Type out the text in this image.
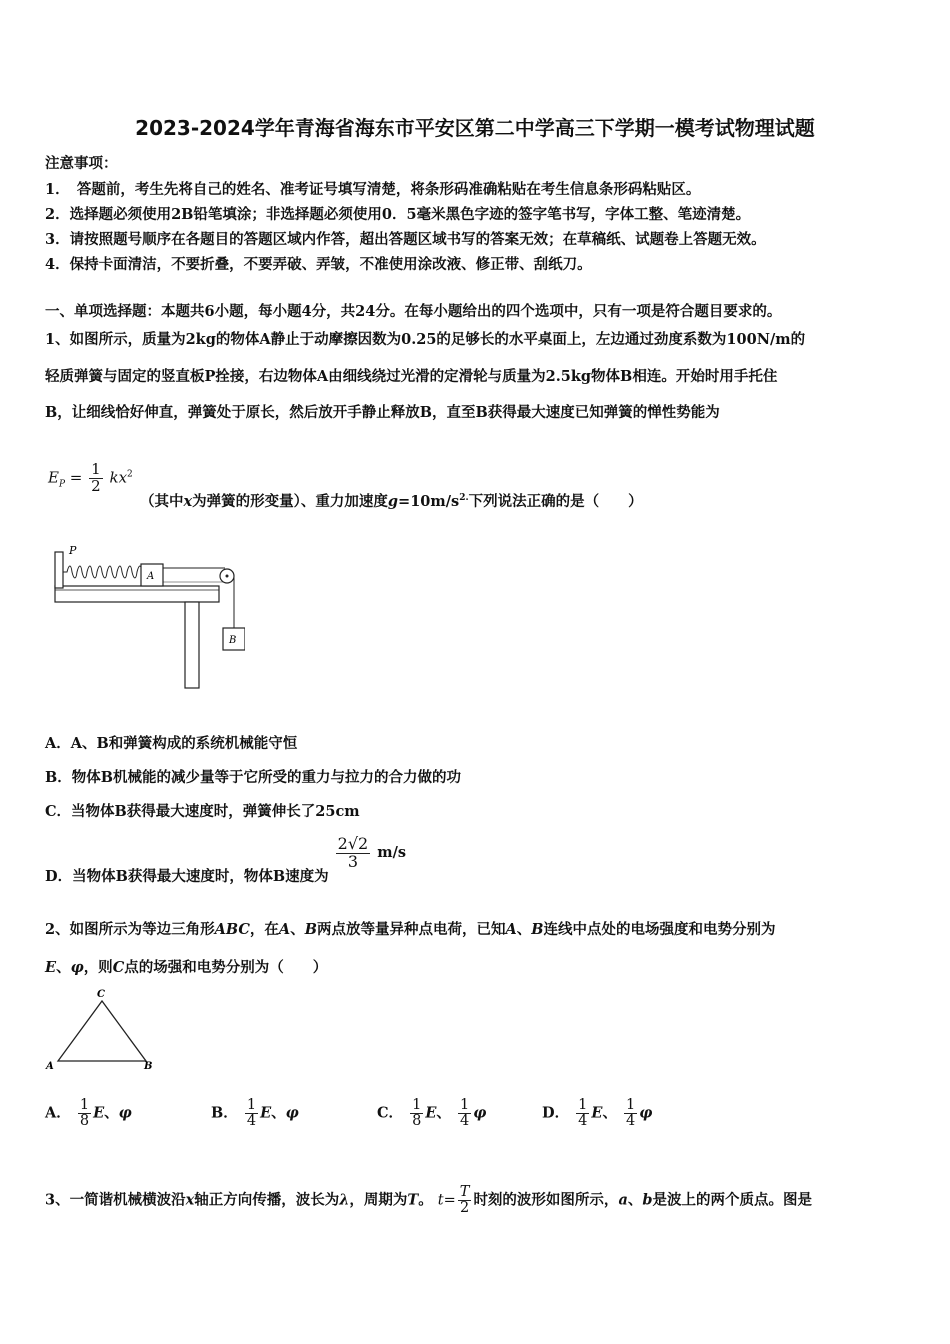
2023-2024学年青海省海东市平安区第二中学高三下学期一模考试物理试题
注意事项：
1．　答题前，考生先将自己的姓名、准考证号填写清楚，将条形码准确粘贴在考生信息条形码粘贴区。
2．选择题必须使用2B铅笔填涂；非选择题必须使用0．5毫米黑色字迹的签字笔书写，字体工整、笔迹清楚。
3．请按照题号顺序在各题目的答题区域内作答，超出答题区域书写的答案无效；在草稿纸、试题卷上答题无效。
4．保持卡面清洁，不要折叠，不要弄破、弄皱，不准使用涂改液、修正带、刮纸刀。
一、单项选择题：本题共6小题，每小题4分，共24分。在每小题给出的四个选项中，只有一项是符合题目要求的。
1、如图所示，质量为2kg的物体A静止于动摩擦因数为0.25的足够长的水平桌面上，左边通过劲度系数为100N/m的
轻质弹簧与固定的竖直板P拴接，右边物体A由细线绕过光滑的定滑轮与质量为2.5kg物体B相连。开始时用手托住
B，让细线恰好伸直，弹簧处于原长，然后放开手静止释放B，直至B获得最大速度已知弹簧的惮性势能为
$E_P = \frac{1}{2} kx^2$
（其中x为弹簧的形变量）、重力加速度$g=10m/s^{2.}$下列说法正确的是（　　）
P
A
B
A．A、B和弹簧构成的系统机械能守恒
B．物体B机械能的减少量等于它所受的重力与拉力的合力做的功
C．当物体B获得最大速度时，弹簧伸长了25cm
D．当物体B获得最大速度时，物体B速度为
$\frac{2√2}{3} m/s$
2、如图所示为等边三角形ABC，在A、B两点放等量异种点电荷，已知A、B连线中点处的电场强度和电势分别为
E、φ，则C点的场强和电势分别为（　　）
C
A	B
A． $\frac{1}{8}$ E、φ	B． $\frac{1}{4}$ E、φ	C． $\frac{1}{8}$ E、 $\frac{1}{4}$ φ	D． $\frac{1}{4}$ E、 $\frac{1}{4}$ φ
3、一简谐机械横波沿x轴正方向传播，波长为λ，周期为T。 $t= \frac{T}{2}$ 时刻的波形如图所示，a、b是波上的两个质点。图是
